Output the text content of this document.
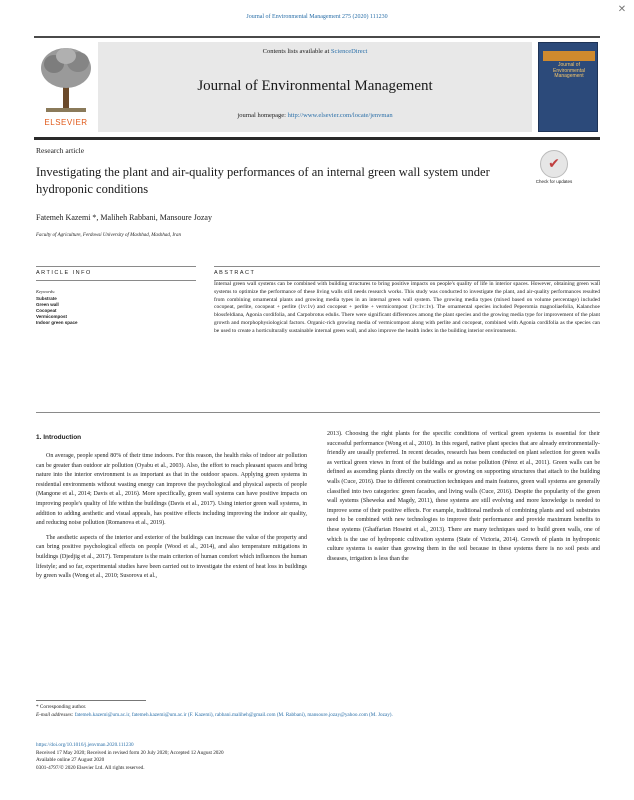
Journal of Environmental Management 275 (2020) 111230
✕
ELSEVIER
Contents lists available at ScienceDirect
Journal of Environmental Management
journal homepage: http://www.elsevier.com/locate/jenvman
Journal of Environmental Management
Research article
Investigating the plant and air-quality performances of an internal green wall system under hydroponic conditions
✔
Check for updates
Fatemeh Kazemi *, Maliheh Rabbani, Mansoure Jozay
Faculty of Agriculture, Ferdowsi University of Mashhad, Mashhad, Iran
ARTICLE INFO
Keywords:
Substrate
Green wall
Cocopeat
Vermicompost
Indoor green space
ABSTRACT
Internal green wall systems can be combined with building structures to bring positive impacts on people's quality of life in interior spaces. However, obtaining green wall systems to optimize the performance of these living walls still needs research works. This study was conducted to investigate the plant, and air-quality performances resulted from combining ornamental plants and growing media types in an internal green wall system. The growing media types (mixed based on volume percentage) included cocopeat, perlite, cocopeat + perlite (1v:1v) and cocopeat + perlite + vermicompost (1v:1v:1v). The ornamental species included Peperomia magnoliaefolia, Kalanchoe blossfeldiana, Agonia cordifolia, and Carpobrotus edulis. There were significant differences among the plant species and the growing media type for improvement of the plant growth and morphophysiological factors. Organic-rich growing media of vermicompost along with perlite and cocopeat, combined with Agonia cordifolia as the species can be used to create a horticulturally sustainable internal green wall, and also improve the health index in the building interior environments.
1. Introduction

On average, people spend 80% of their time indoors. For this reason, the health risks of indoor air pollution can be greater than outdoor air pollution (Oyabu et al., 2003). Also, the effort to reach pleasant spaces and bring nature into the interior environment is as important as that in the outdoor spaces. Applying green systems in residential environments without wasting energy can improve the psychological and physical aspects of people (Mangone et al., 2014; Davis et al., 2016). More specifically, green wall systems can have positive impacts on improving people's quality of life within the buildings (Davis et al., 2017). Using interior green wall systems, in addition to adding aesthetic and visual appeals, has positive effects including improving the indoor air quality, and reducing noise pollution (Romanova et al., 2019).

The aesthetic aspects of the interior and exterior of the buildings can increase the value of the property and can bring positive psychological effects on people (Wood et al., 2014), and also temperature mitigations in buildings (Djedjig et al., 2017). Temperature is the main criterion of human comfort which influences the human lifestyle; and so far, experimental studies have been carried out to investigate the extent of heat loss in buildings by green walls (Wong et al., 2010; Susorova et al.,

2013). Choosing the right plants for the specific conditions of vertical green systems is essential for their successful performance (Wong et al., 2010). In this regard, native plant species that are already environmentally-friendly are usually preferred. In recent decades, research has been conducted on plant selection for green walls as vertical green views in front of the buildings and as noise pollution (Pérez et al., 2011). Green walls can be defined as ascending plants directly on the walls or growing on supporting structures that attach to the building walls (Cuce, 2016). Due to different construction techniques and main features, green wall systems are generally classified into two categories: green facades, and living walls (Cuce, 2016). Despite the popularity of the green wall systems (Sheweka and Magdy, 2011), these systems are still evolving and more knowledge is needed to improve some of their positive effects. For example, traditional methods of combining plants and soil substrates need to be combined with new technologies to improve their performance and provide maximum benefits to these systems (Ghaffarian Hoseini et al., 2013). There are many techniques used to build green walls, one of which is the use of hydroponic cultivation systems (State of Victoria, 2014). Growth of plants in hydroponic culture systems is easier than growing them in the soil because in these systems there is no soil pests and diseases, irrigation is less than the
* Corresponding author.
E-mail addresses: fatemeh.kazemi@um.ac.ir, fatemeh.kazemi@um.ac.ir (F. Kazemi), rabbani.maliheh@gmail.com (M. Rabbani), mansoure.jozay@yahoo.com (M. Jozay).
https://doi.org/10.1016/j.jenvman.2020.111230
Received 17 May 2020; Received in revised form 20 July 2020; Accepted 12 August 2020
Available online 27 August 2020
0301-4797/© 2020 Elsevier Ltd. All rights reserved.
